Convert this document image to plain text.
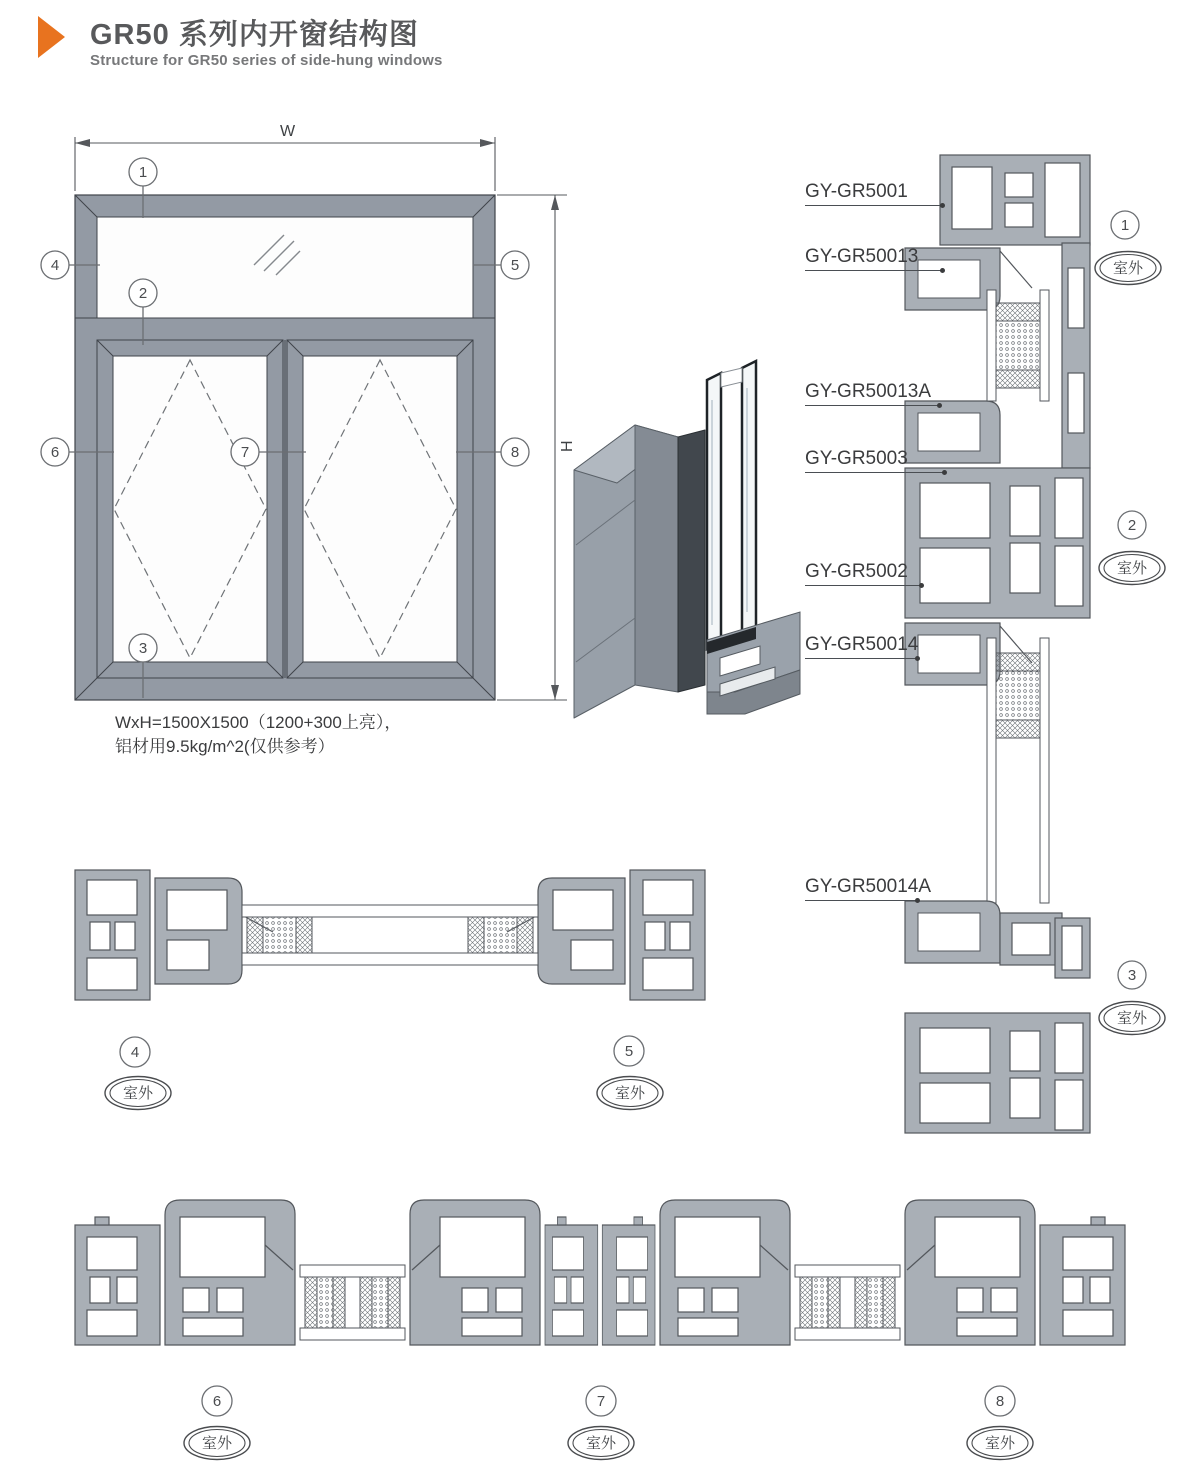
GR50 系列内开窗结构图
Structure for GR50 series of side-hung windows
W
H
1
2
4	5
6	7	8
3
WxH=1500X1500（1200+300上亮），
铝材用9.5kg/m^2(仅供参考）
1
室外
2
室外
3
室外
GY-GR5001
GY-GR50013
GY-GR50013A
GY-GR5003
GY-GR5002
GY-GR50014
GY-GR50014A
4
室外
5
室外
6
室外
7
室外
8
室外
